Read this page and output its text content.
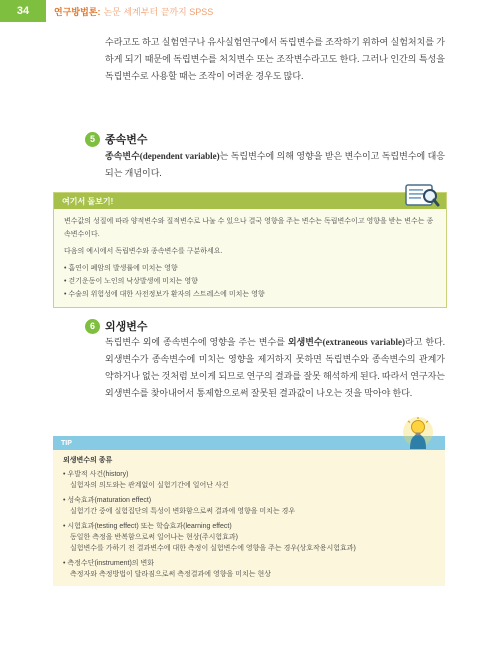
34	연구방법론: 논문 세계부터 끝까지 SPSS

수라고도 하고 실험연구나 유사실험연구에서 독립변수를 조작하기 위하여 실험처치를 가하게 되기 때문에 독립변수를 처치변수 또는 조작변수라고도 한다. 그러나 인간의 특성을 독립변수로 사용할 때는 조작이 어려운 경우도 많다.

5 종속변수

종속변수(dependent variable)는 독립변수에 의해 영향을 받은 변수이고 독립변수에 대응되는 개념이다.

여기서 돌보기!
변수값의 성질에 따라 양적변수와 질적변수로 나눌 수 있으나 결국 영향을 주는 변수는 독립변수이고 영향을 받는 변수는 종속변수이다.
다음의 예시에서 독립변수와 종속변수를 구분하세요.
• 흡연이 폐암의 발생률에 미치는 영향
• 걷기운동이 노인의 낙상발생에 미치는 영향
• 수술의 위험성에 대한 사전정보가 환자의 스트레스에 미치는 영향
6 외생변수

독립변수 외에 종속변수에 영향을 주는 변수를 외생변수(extraneous variable)라고 한다. 외생변수가 종속변수에 미치는 영향을 제거하지 못하면 독립변수와 종속변수의 관계가 약하거나 없는 것처럼 보이게 되므로 연구의 결과를 잘못 해석하게 된다. 따라서 연구자는 외생변수를 찾아내어서 통제함으로써 잘못된 결과값이 나오는 것을 막아야 한다.

TIP
외생변수의 종류
• 우발적 사건(history)
실험자의 의도와는 관계없이 실험기간에 일어난 사건
• 성숙효과(maturation effect)
실험기간 중에 실험집단의 특성이 변화함으로써 결과에 영향을 미치는 경우
• 시험효과(testing effect) 또는 학습효과(learning effect)
동일한 측정을 반복함으로써 일어나는 현상(주시험효과)
실험변수를 가하기 전 결과변수에 대한 측정이 실험변수에 영향을 주는 경우(상호작용시험효과)
• 측정수단(instrument)의 변화
측정자와 측정방법이 달라짐으로써 측정결과에 영향을 미치는 현상
